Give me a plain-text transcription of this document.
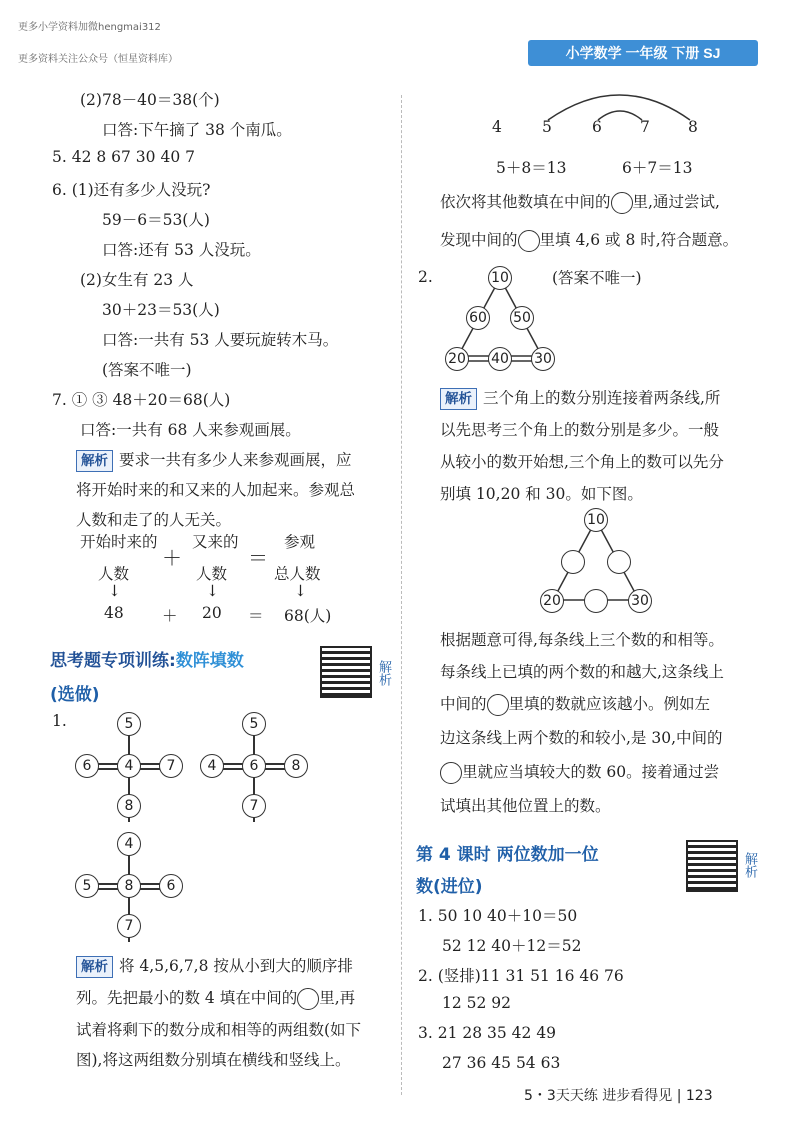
更多小学资料加微hengmai312
更多资料关注公众号（恒星资料库）	小学数学 一年级 下册 SJ
(2)78－40＝38(个)
口答:下午摘了 38 个南瓜。
5. 42 8 67 30 40 7
6. (1)还有多少人没玩?
59－6＝53(人)
口答:还有 53 人没玩。
(2)女生有 23 人
30＋23＝53(人)
口答:一共有 53 人要玩旋转木马。
(答案不唯一)
7. ① ③ 48＋20＝68(人)
口答:一共有 68 人来参观画展。
解析 要求一共有多少人来参观画展，应
将开始时来的和又来的人加起来。参观总
人数和走了的人无关。
开始时来的
＋
又来的
＝
参观
人数	人数	总人数
↓	↓	↓
48 ＋ 20 ＝ 68(人)
思考题专项训练:数阵填数
(选做)
解析
1.	5
6	4	7
8
5
4	6	8
7
4
5	8	6
7
解析 将 4,5,6,7,8 按从小到大的顺序排
列。先把最小的数 4 填在中间的 里,再
试着将剩下的数分成和相等的两组数(如下
图),将这两组数分别填在横线和竖线上。
4	5	6 7 8
5＋8＝13	6＋7＝13
依次将其他数填在中间的 里,通过尝试,
发现中间的 里填 4,6 或 8 时,符合题意。
2.	(答案不唯一)
10
60 50
20 40 30
解析 三个角上的数分别连接着两条线,所
以先思考三个角上的数分别是多少。一般
从较小的数开始想,三个角上的数可以先分
别填 10,20 和 30。如下图。
10
20	30
根据题意可得,每条线上三个数的和相等。
每条线上已填的两个数的和越大,这条线上
中间的 里填的数就应该越小。例如左
边这条线上两个数的和较小,是 30,中间的
里就应当填较大的数 60。接着通过尝
试填出其他位置上的数。
第 4 课时 两位数加一位
数(进位)
解析
1. 50 10 40＋10＝50
52 12 40＋12＝52
2. (竖排)11 31 51 16 46 76
12 52 92
3. 21 28 35 42 49
27 36 45 54 63
5・3天天练 进步看得见 | 123
